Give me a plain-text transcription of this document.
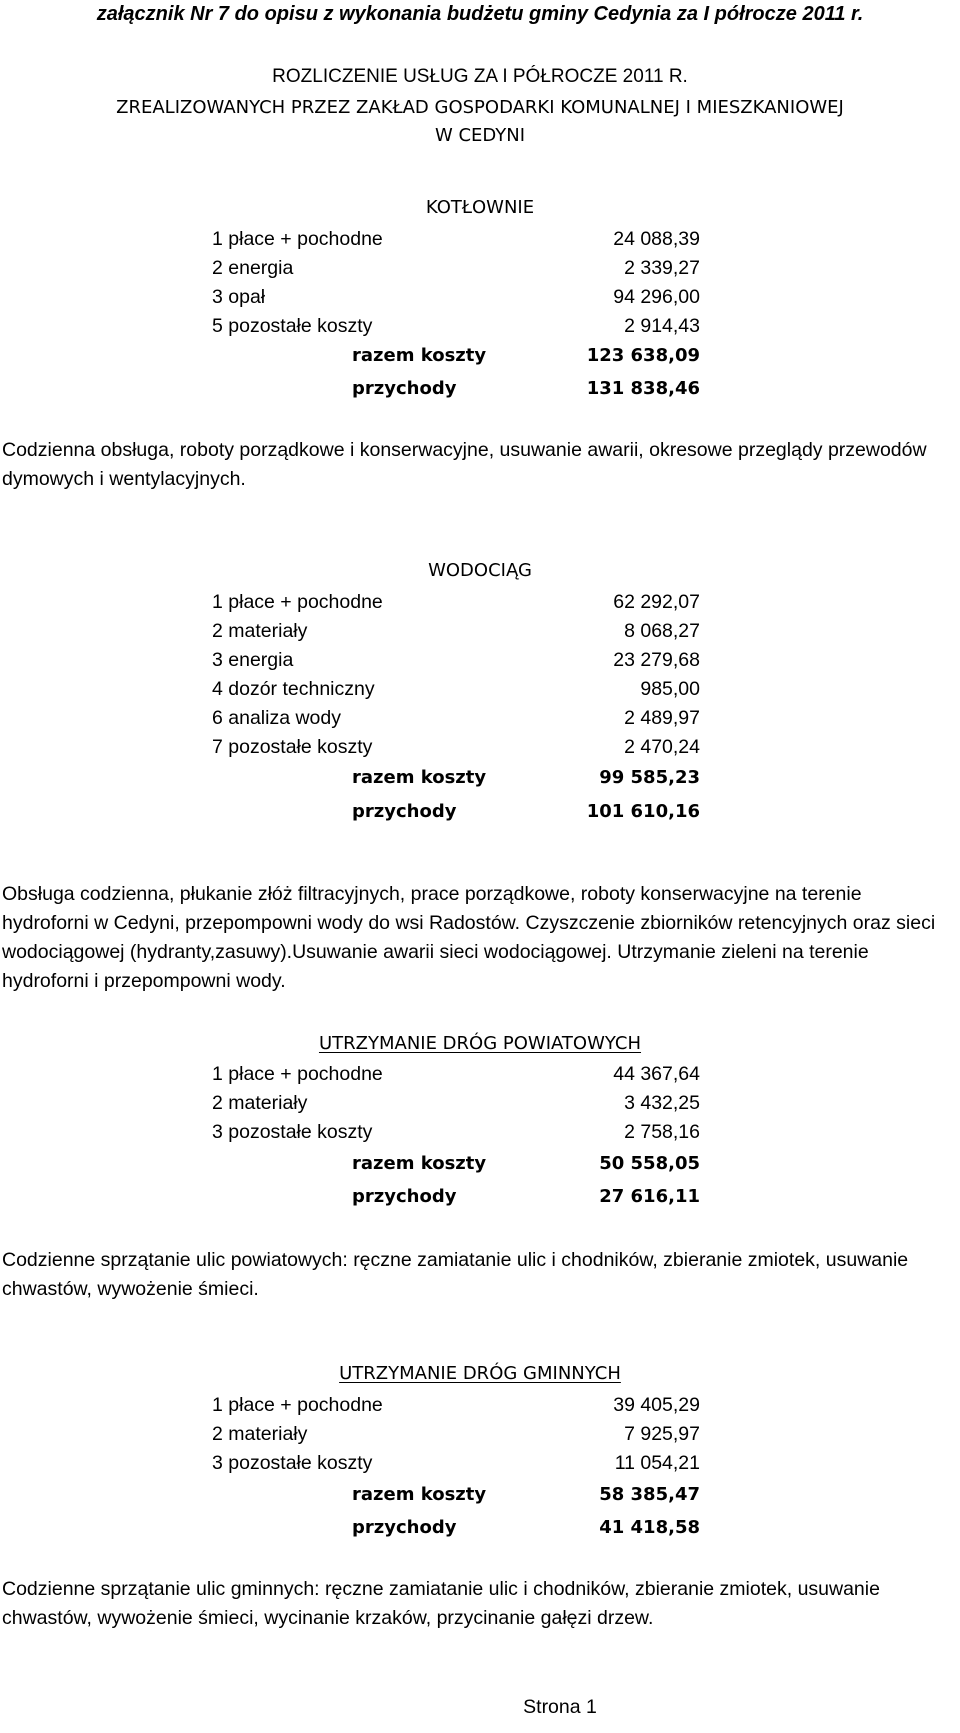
załącznik Nr 7 do opisu z wykonania budżetu gminy Cedynia za I półrocze 2011 r.
ROZLICZENIE USŁUG ZA I PÓŁROCZE 2011 R.
ZREALIZOWANYCH PRZEZ ZAKŁAD GOSPODARKI KOMUNALNEJ I MIESZKANIOWEJ
W CEDYNI
KOTŁOWNIE
1 płace + pochodne	24 088,39
2 energia	2 339,27
3 opał	94 296,00
5 pozostałe koszty	2 914,43
razem koszty	123 638,09
przychody	131 838,46
Codzienna obsługa, roboty porządkowe i konserwacyjne, usuwanie awarii, okresowe przeglądy przewodów dymowych i wentylacyjnych.
WODOCIĄG
1 płace + pochodne	62 292,07
2 materiały	8 068,27
3 energia	23 279,68
4 dozór techniczny	985,00
6 analiza wody	2 489,97
7 pozostałe koszty	2 470,24
razem koszty	99 585,23
przychody	101 610,16
Obsługa codzienna, płukanie złóż filtracyjnych, prace porządkowe, roboty konserwacyjne na terenie hydroforni w Cedyni, przepompowni wody do wsi Radostów. Czyszczenie zbiorników retencyjnych oraz sieci wodociągowej (hydranty,zasuwy).Usuwanie awarii sieci wodociągowej. Utrzymanie zieleni na terenie hydroforni i przepompowni wody.
UTRZYMANIE DRÓG POWIATOWYCH
1 płace + pochodne	44 367,64
2 materiały	3 432,25
3 pozostałe koszty	2 758,16
razem koszty	50 558,05
przychody	27 616,11
Codzienne sprzątanie ulic powiatowych: ręczne zamiatanie ulic i chodników, zbieranie zmiotek, usuwanie chwastów, wywożenie śmieci.
UTRZYMANIE DRÓG GMINNYCH
1 płace + pochodne	39 405,29
2 materiały	7 925,97
3 pozostałe koszty	11 054,21
razem koszty	58 385,47
przychody	41 418,58
Codzienne sprzątanie ulic gminnych: ręczne zamiatanie ulic i chodników, zbieranie zmiotek, usuwanie chwastów, wywożenie śmieci, wycinanie krzaków, przycinanie gałęzi drzew.
Strona 1
